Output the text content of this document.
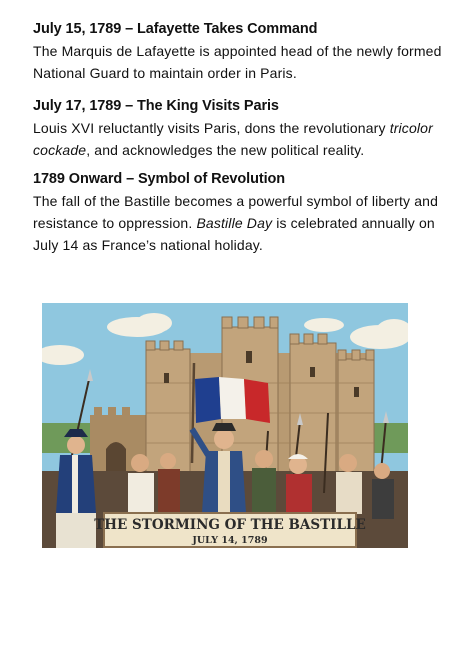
July 15, 1789 – Lafayette Takes Command

The Marquis de Lafayette is appointed head of the newly formed National Guard to maintain order in Paris.

July 17, 1789 – The King Visits Paris

Louis XVI reluctantly visits Paris, dons the revolutionary tricolor cockade, and acknowledges the new political reality.

1789 Onward – Symbol of Revolution

The fall of the Bastille becomes a powerful symbol of liberty and resistance to oppression. Bastille Day is celebrated annually on July 14 as France’s national holiday.

THE STORMING OF THE BASTILLE
JULY 14, 1789
